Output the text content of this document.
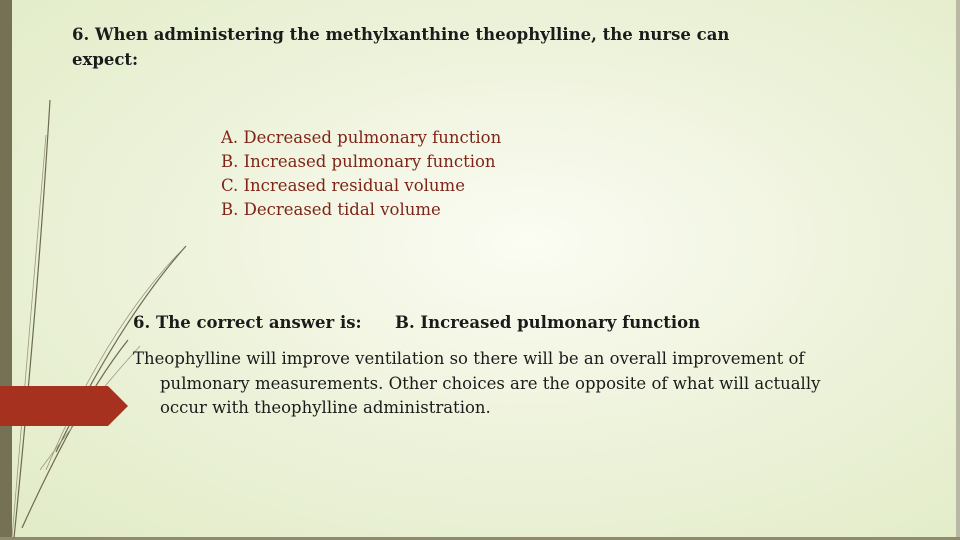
6. When administering the methylxanthine theophylline, the nurse can expect:

A. Decreased pulmonary function
B. Increased pulmonary function
C. Increased residual volume
B. Decreased tidal volume
6. The correct answer is: B. Increased pulmonary function

Theophylline will improve ventilation so there will be an overall improvement of pulmonary measurements. Other choices are the opposite of what will actually occur with theophylline administration.
